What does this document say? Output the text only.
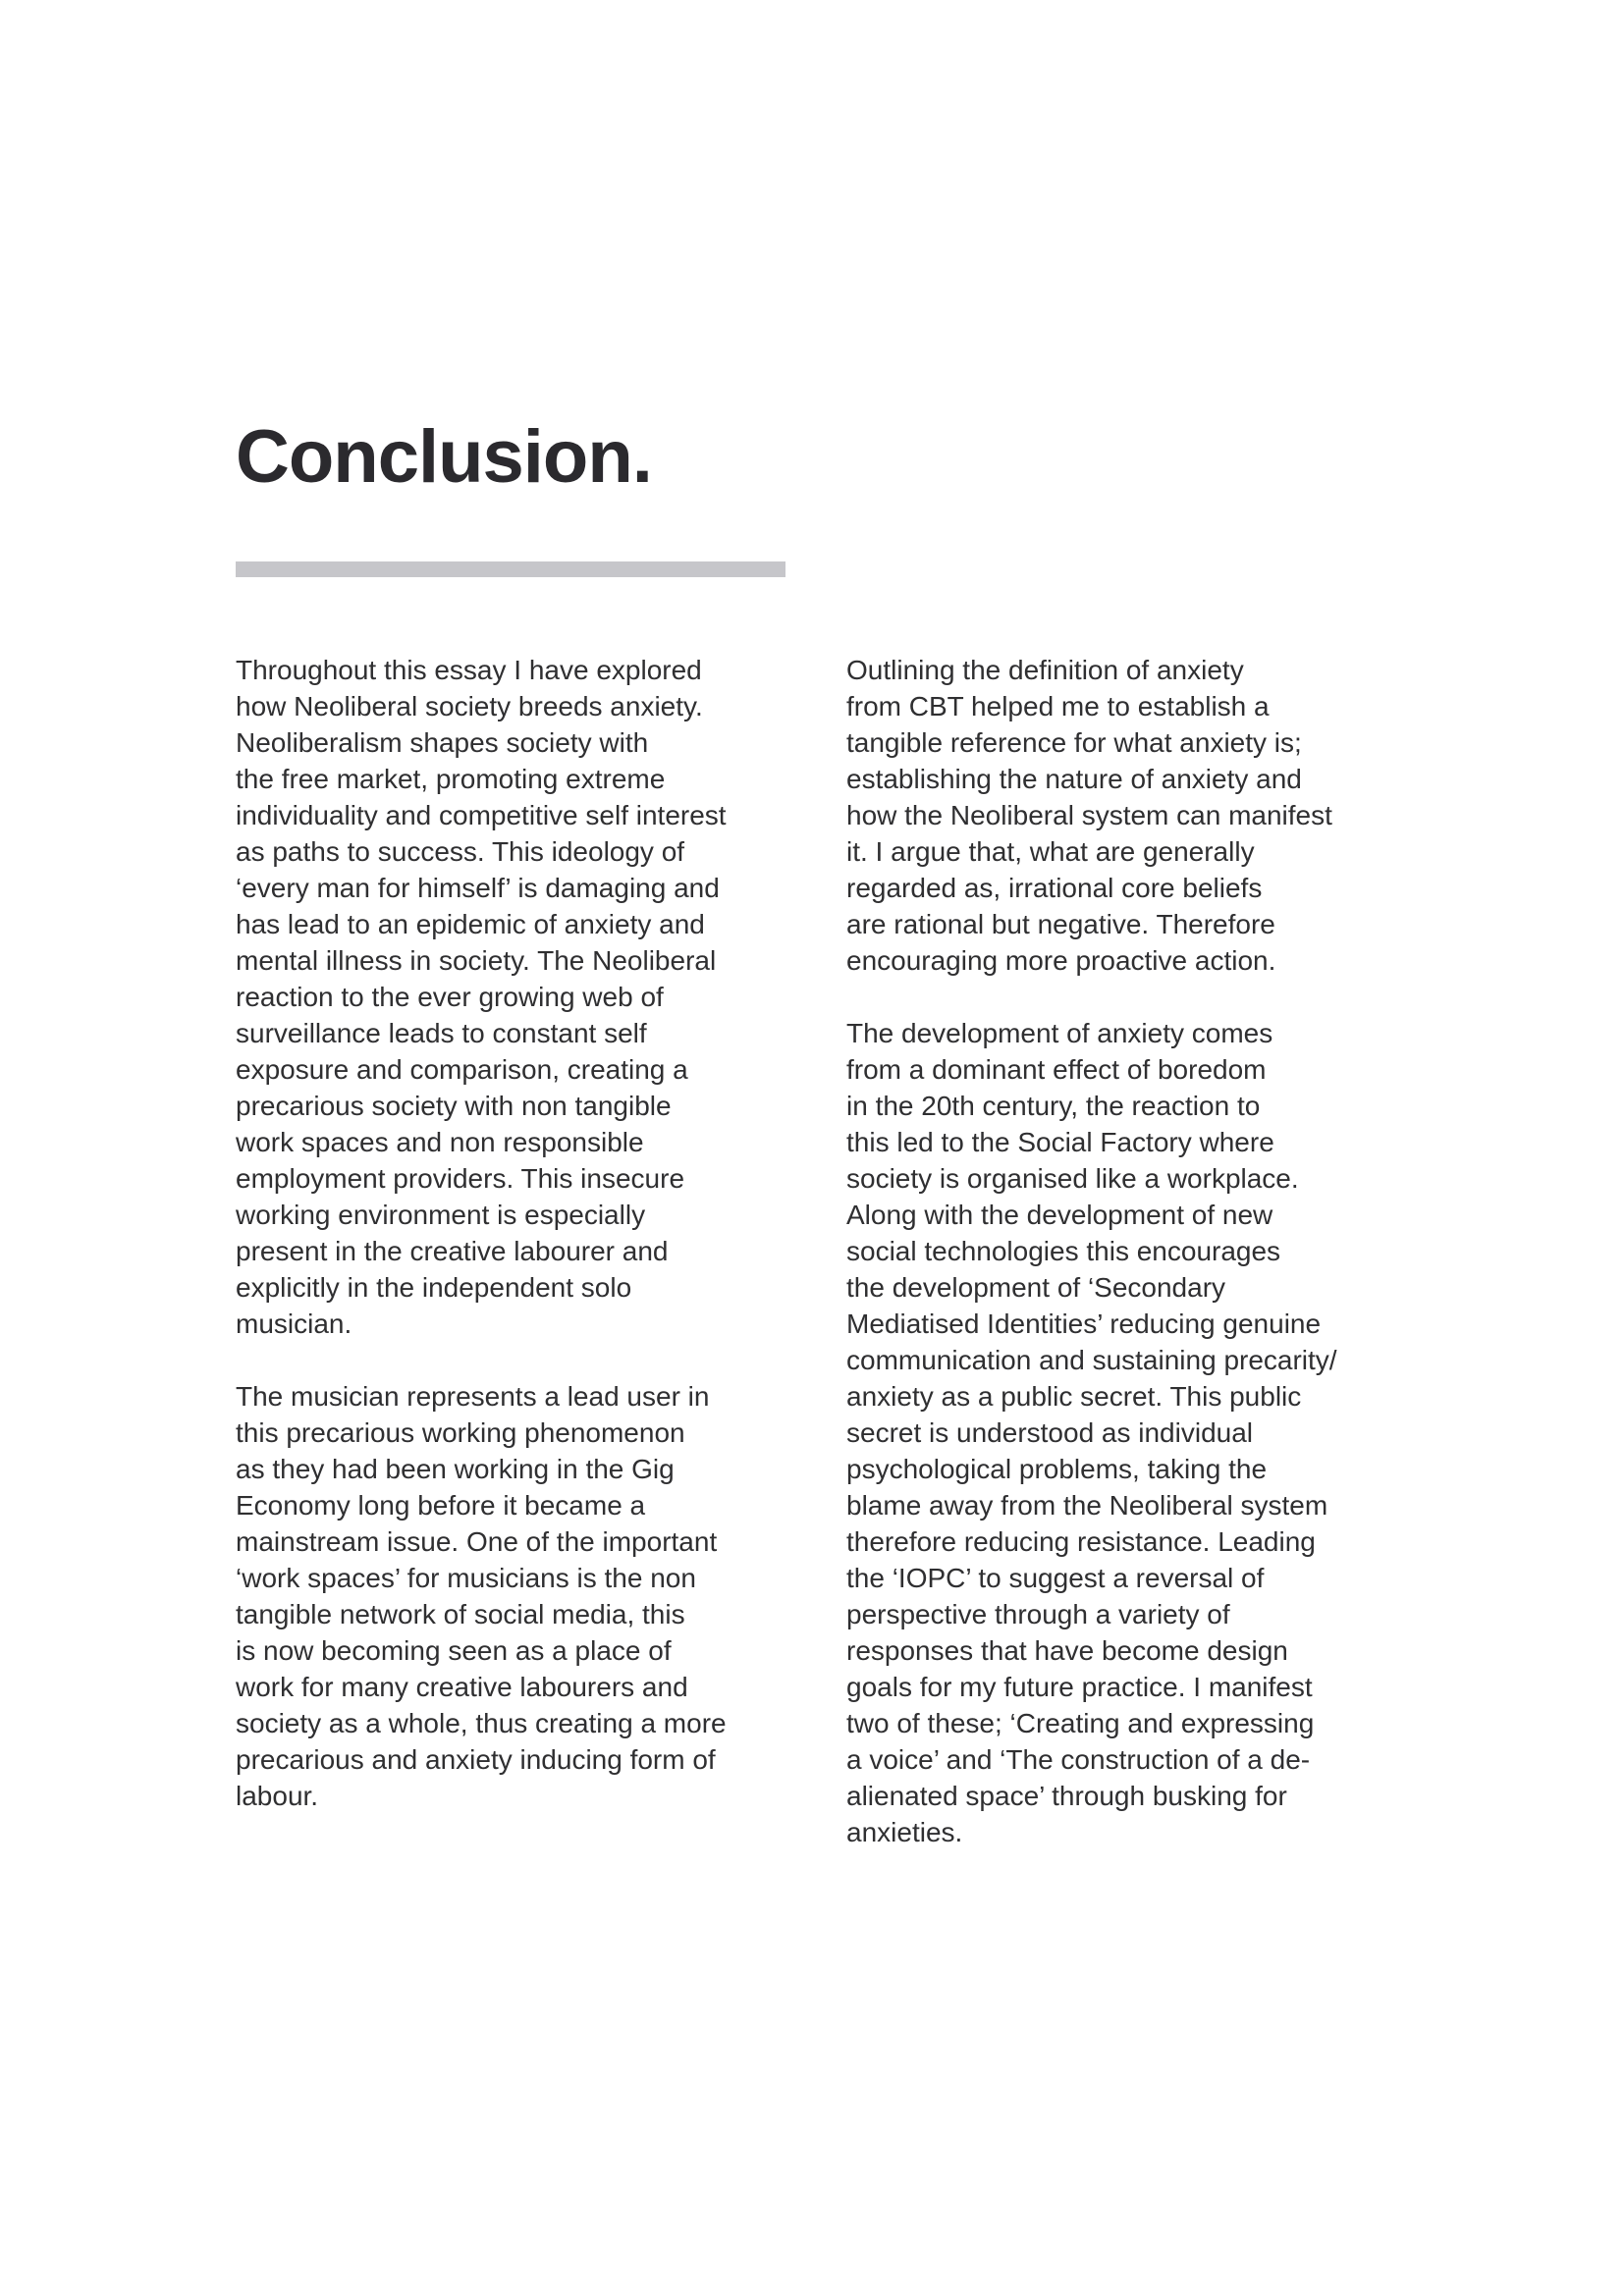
Conclusion.

Throughout this essay I have explored
how Neoliberal society breeds anxiety.
Neoliberalism shapes society with
the free market, promoting extreme
individuality and competitive self interest
as paths to success. This ideology of
‘every man for himself’ is damaging and
has lead to an epidemic of anxiety and
mental illness in society. The Neoliberal
reaction to the ever growing web of
surveillance leads to constant self
exposure and comparison, creating a
precarious society with non tangible
work spaces and non responsible
employment providers. This insecure
working environment is especially
present in the creative labourer and
explicitly in the independent solo
musician.

The musician represents a lead user in
this precarious working phenomenon
as they had been working in the Gig
Economy long before it became a
mainstream issue. One of the important
‘work spaces’ for musicians is the non
tangible network of social media, this
is now becoming seen as a place of
work for many creative labourers and
society as a whole, thus creating a more
precarious and anxiety inducing form of
labour.

Outlining the definition of anxiety
from CBT helped me to establish a
tangible reference for what anxiety is;
establishing the nature of anxiety and
how the Neoliberal system can manifest
it. I argue that, what are generally
regarded as, irrational core beliefs
are rational but negative. Therefore
encouraging more proactive action.

The development of anxiety comes
from a dominant effect of boredom
in the 20th century, the reaction to
this led to the Social Factory where
society is organised like a workplace.
Along with the development of new
social technologies this encourages
the development of ‘Secondary
Mediatised Identities’ reducing genuine
communication and sustaining precarity/
anxiety as a public secret. This public
secret is understood as individual
psychological problems, taking the
blame away from the Neoliberal system
therefore reducing resistance. Leading
the ‘IOPC’ to suggest a reversal of
perspective through a variety of
responses that have become design
goals for my future practice. I manifest
two of these; ‘Creating and expressing
a voice’ and ‘The construction of a de-
alienated space’ through busking for
anxieties.
